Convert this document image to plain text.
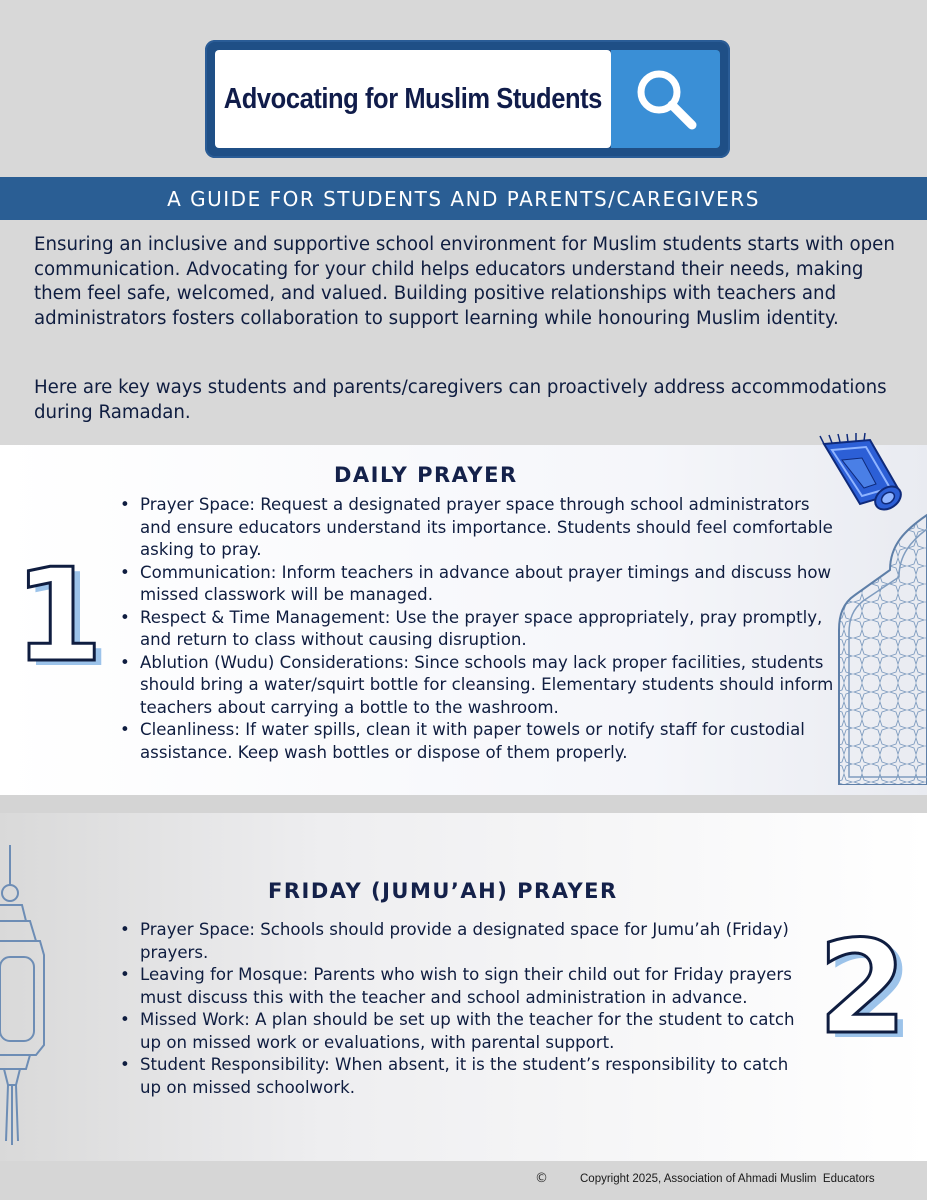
Advocating for Muslim Students
A GUIDE FOR STUDENTS AND PARENTS/CAREGIVERS

Ensuring an inclusive and supportive school environment for Muslim students starts with open communication. Advocating for your child helps educators understand their needs, making them feel safe, welcomed, and valued. Building positive relationships with teachers and administrators fosters collaboration to support learning while honouring Muslim identity.

Here are key ways students and parents/caregivers can proactively address accommodations during Ramadan.

DAILY PRAYER
• Prayer Space: Request a designated prayer space through school administrators and ensure educators understand its importance. Students should feel comfortable asking to pray.
• Communication: Inform teachers in advance about prayer timings and discuss how missed classwork will be managed.
• Respect & Time Management: Use the prayer space appropriately, pray promptly, and return to class without causing disruption.
• Ablution (Wudu) Considerations: Since schools may lack proper facilities, students should bring a water/squirt bottle for cleansing. Elementary students should inform teachers about carrying a bottle to the washroom.
• Cleanliness: If water spills, clean it with paper towels or notify staff for custodial assistance. Keep wash bottles or dispose of them properly.
1
FRIDAY (JUMU’AH) PRAYER
• Prayer Space: Schools should provide a designated space for Jumu’ah (Friday) prayers.
• Leaving for Mosque: Parents who wish to sign their child out for Friday prayers must discuss this with the teacher and school administration in advance.
• Missed Work: A plan should be set up with the teacher for the student to catch up on missed work or evaluations, with parental support.
• Student Responsibility: When absent, it is the student’s responsibility to catch up on missed schoolwork.
2
©	Copyright 2025, Association of Ahmadi Muslim  Educators
